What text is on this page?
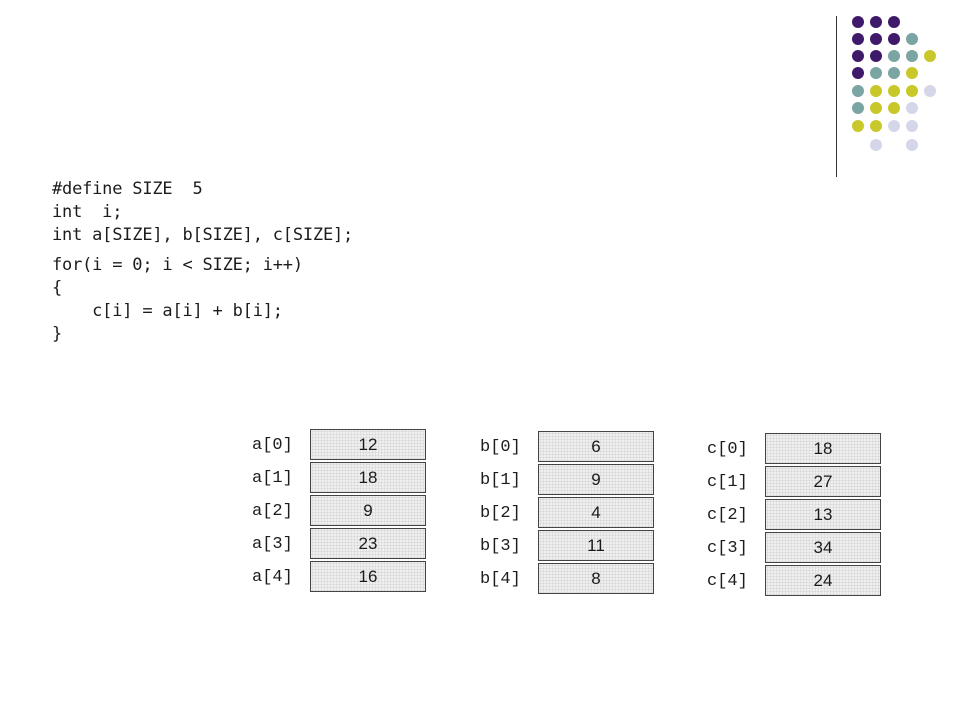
#define SIZE  5
int  i;
int a[SIZE], b[SIZE], c[SIZE];
for(i = 0; i < SIZE; i++)
{
c[i] = a[i] + b[i];
}
a[0]	12
a[1]	18
a[2]	9
a[3]	23
a[4]	16
b[0]	6
b[1]	9
b[2]	4
b[3]	11
b[4]	8
c[0]	18
c[1]	27
c[2]	13
c[3]	34
c[4]	24
